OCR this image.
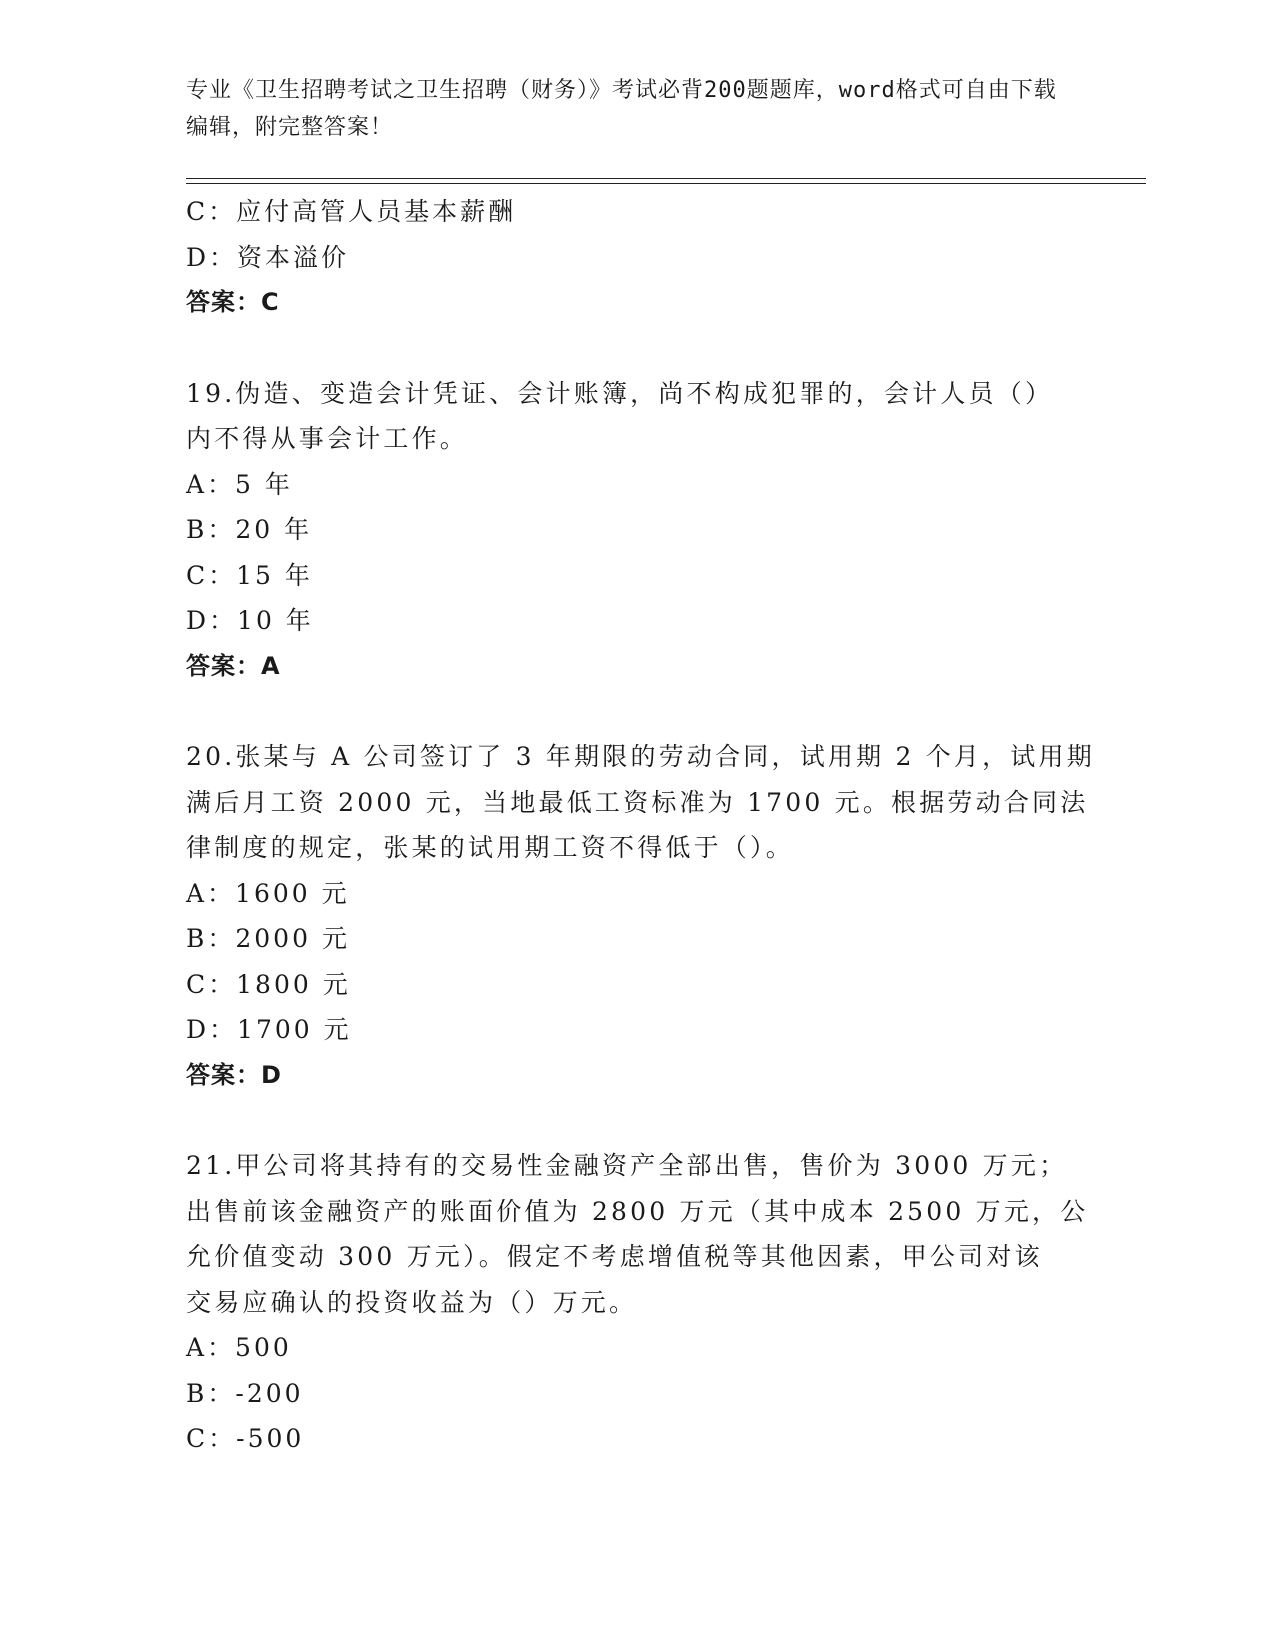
专业《卫生招聘考试之卫生招聘（财务）》考试必背200题题库，word格式可自由下载编辑，附完整答案！
C：应付高管人员基本薪酬
D：资本溢价
答案：C
19.伪造、变造会计凭证、会计账簿，尚不构成犯罪的，会计人员（）
内不得从事会计工作。
A：5 年
B：20 年
C：15 年
D：10 年
答案：A
20.张某与 A 公司签订了 3 年期限的劳动合同，试用期 2 个月，试用期
满后月工资 2000 元，当地最低工资标准为 1700 元。根据劳动合同法
律制度的规定，张某的试用期工资不得低于（）。
A：1600 元
B：2000 元
C：1800 元
D：1700 元
答案：D
21.甲公司将其持有的交易性金融资产全部出售，售价为 3000 万元；
出售前该金融资产的账面价值为 2800 万元（其中成本 2500 万元，公
允价值变动 300 万元）。假定不考虑增值税等其他因素，甲公司对该
交易应确认的投资收益为（）万元。
A：500
B：-200
C：-500
